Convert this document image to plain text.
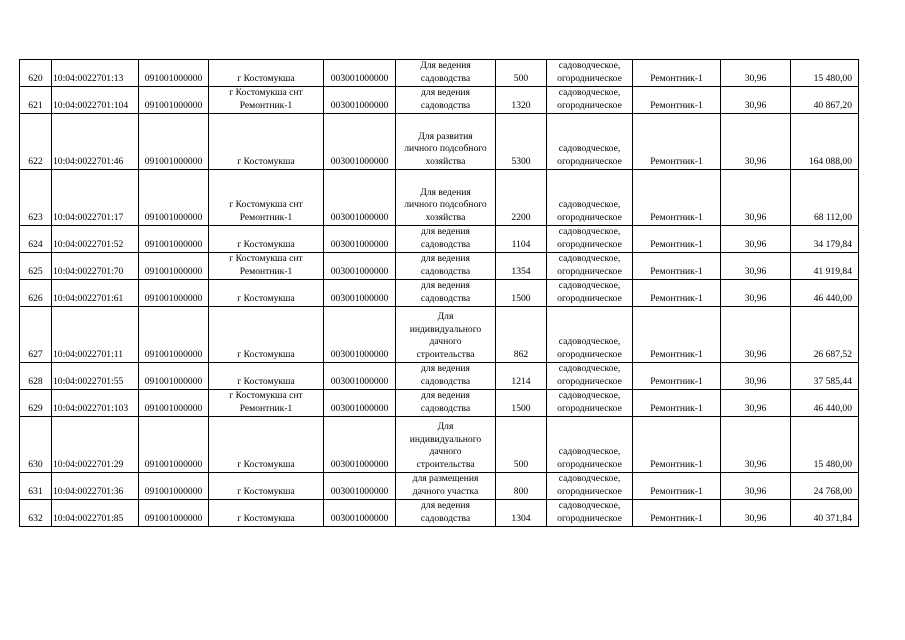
620	10:04:0022701:13	091001000000	г Костомукша	003001000000	Для ведения
садоводства	500	садоводческое,
огородническое	Ремонтник-1	30,96	15 480,00
621	10:04:0022701:104	091001000000	г Костомукша снт
Ремонтник-1	003001000000	для ведения
садоводства	1320	садоводческое,
огородническое	Ремонтник-1	30,96	40 867,20
622	10:04:0022701:46	091001000000	г Костомукша	003001000000	Для развития
личного подсобного
хозяйства	5300	садоводческое,
огородническое	Ремонтник-1	30,96	164 088,00
623	10:04:0022701:17	091001000000	г Костомукша снт
Ремонтник-1	003001000000	Для ведения
личного подсобного
хозяйства	2200	садоводческое,
огородническое	Ремонтник-1	30,96	68 112,00
624	10:04:0022701:52	091001000000	г Костомукша	003001000000	для ведения
садоводства	1104	садоводческое,
огородническое	Ремонтник-1	30,96	34 179,84
625	10:04:0022701:70	091001000000	г Костомукша снт
Ремонтник-1	003001000000	для ведения
садоводства	1354	садоводческое,
огородническое	Ремонтник-1	30,96	41 919,84
626	10:04:0022701:61	091001000000	г Костомукша	003001000000	для ведения
садоводства	1500	садоводческое,
огородническое	Ремонтник-1	30,96	46 440,00
627	10:04:0022701:11	091001000000	г Костомукша	003001000000	Для
индивидуального
дачного
строительства	862	садоводческое,
огородническое	Ремонтник-1	30,96	26 687,52
628	10:04:0022701:55	091001000000	г Костомукша	003001000000	для ведения
садоводства	1214	садоводческое,
огородническое	Ремонтник-1	30,96	37 585,44
629	10:04:0022701:103	091001000000	г Костомукша снт
Ремонтник-1	003001000000	для ведения
садоводства	1500	садоводческое,
огородническое	Ремонтник-1	30,96	46 440,00
630	10:04:0022701:29	091001000000	г Костомукша	003001000000	Для
индивидуального
дачного
строительства	500	садоводческое,
огородническое	Ремонтник-1	30,96	15 480,00
631	10:04:0022701:36	091001000000	г Костомукша	003001000000	для размещения
дачного участка	800	садоводческое,
огородническое	Ремонтник-1	30,96	24 768,00
632	10:04:0022701:85	091001000000	г Костомукша	003001000000	для ведения
садоводства	1304	садоводческое,
огородническое	Ремонтник-1	30,96	40 371,84
